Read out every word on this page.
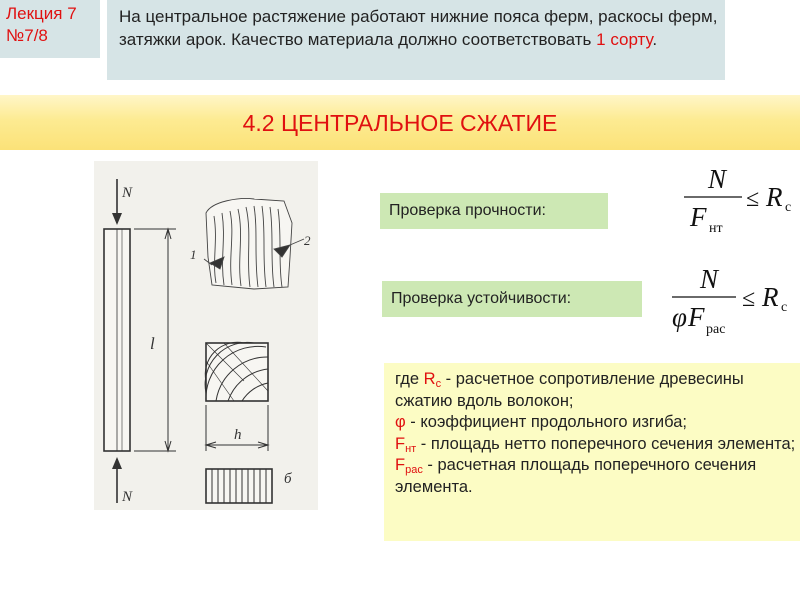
Лекция 7
№7/8
На центральное растяжение работают нижние пояса ферм, раскосы ферм, затяжки арок. Качество материала должно соответствовать 1 сорту.
4.2 ЦЕНТРАЛЬНОЕ СЖАТИЕ
N
N
l
1
2
h
б
Проверка прочности:
Проверка устойчивости:
N
F нт
≤ R с
N
φ F рас
≤ R с

где $R_с$ - расчетное сопротивление древесины сжатию вдоль волокон;

φ - коэффициент продольного изгиба;

$F_{нт}$ - площадь нетто поперечного сечения элемента;

$F_{рас}$ - расчетная площадь поперечного сечения элемента.
